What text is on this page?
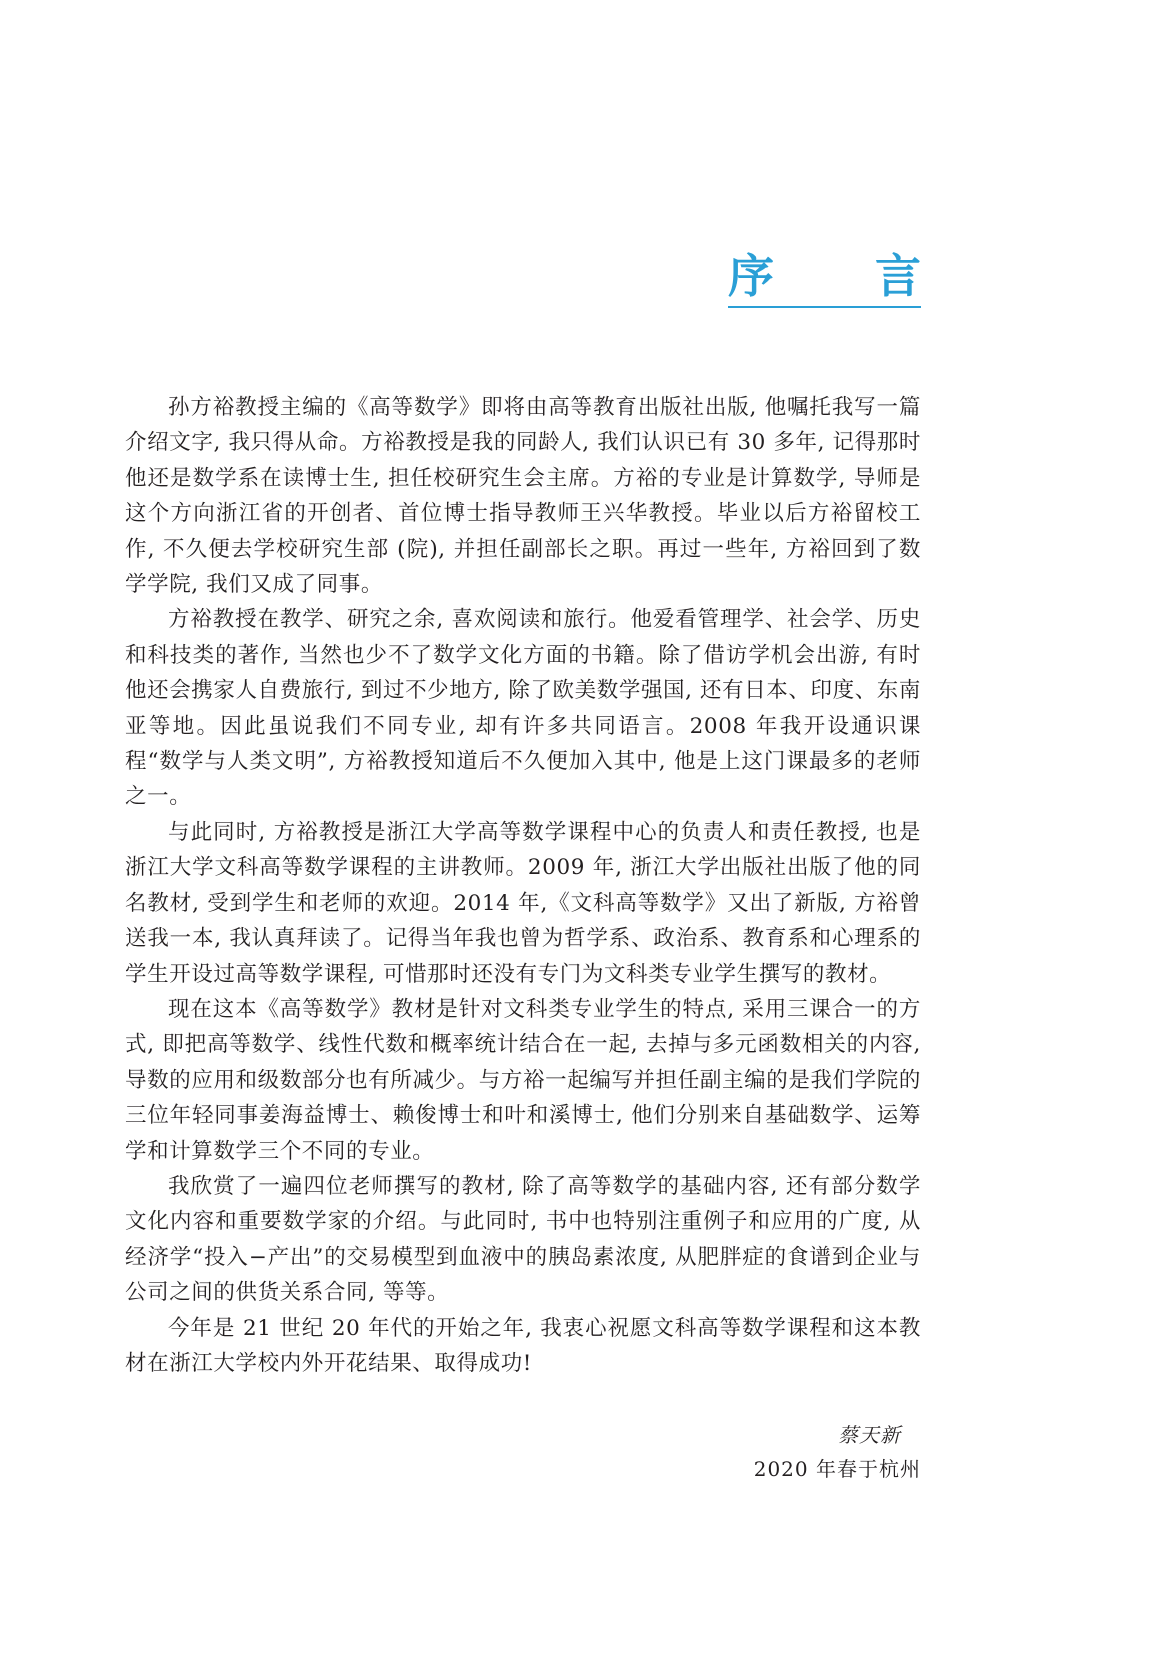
序 言

孙方裕教授主编的《高等数学》即将由高等教育出版社出版, 他嘱托我写一篇介绍文字, 我只得从命。方裕教授是我的同龄人, 我们认识已有 30 多年, 记得那时他还是数学系在读博士生, 担任校研究生会主席。方裕的专业是计算数学, 导师是这个方向浙江省的开创者、首位博士指导教师王兴华教授。毕业以后方裕留校工作, 不久便去学校研究生部 (院), 并担任副部长之职。再过一些年, 方裕回到了数学学院, 我们又成了同事。

方裕教授在教学、研究之余, 喜欢阅读和旅行。他爱看管理学、社会学、历史和科技类的著作, 当然也少不了数学文化方面的书籍。除了借访学机会出游, 有时他还会携家人自费旅行, 到过不少地方, 除了欧美数学强国, 还有日本、印度、东南亚等地。因此虽说我们不同专业, 却有许多共同语言。2008 年我开设通识课程“数学与人类文明”, 方裕教授知道后不久便加入其中, 他是上这门课最多的老师之一。

与此同时, 方裕教授是浙江大学高等数学课程中心的负责人和责任教授, 也是浙江大学文科高等数学课程的主讲教师。2009 年, 浙江大学出版社出版了他的同名教材, 受到学生和老师的欢迎。2014 年,《文科高等数学》又出了新版, 方裕曾送我一本, 我认真拜读了。记得当年我也曾为哲学系、政治系、教育系和心理系的学生开设过高等数学课程, 可惜那时还没有专门为文科类专业学生撰写的教材。

现在这本《高等数学》教材是针对文科类专业学生的特点, 采用三课合一的方式, 即把高等数学、线性代数和概率统计结合在一起, 去掉与多元函数相关的内容, 导数的应用和级数部分也有所减少。与方裕一起编写并担任副主编的是我们学院的三位年轻同事姜海益博士、赖俊博士和叶和溪博士, 他们分别来自基础数学、运筹学和计算数学三个不同的专业。

我欣赏了一遍四位老师撰写的教材, 除了高等数学的基础内容, 还有部分数学文化内容和重要数学家的介绍。与此同时, 书中也特别注重例子和应用的广度, 从经济学“投入−产出”的交易模型到血液中的胰岛素浓度, 从肥胖症的食谱到企业与公司之间的供货关系合同, 等等。

今年是 21 世纪 20 年代的开始之年, 我衷心祝愿文科高等数学课程和这本教材在浙江大学校内外开花结果、取得成功!

蔡天新
2020 年春于杭州
